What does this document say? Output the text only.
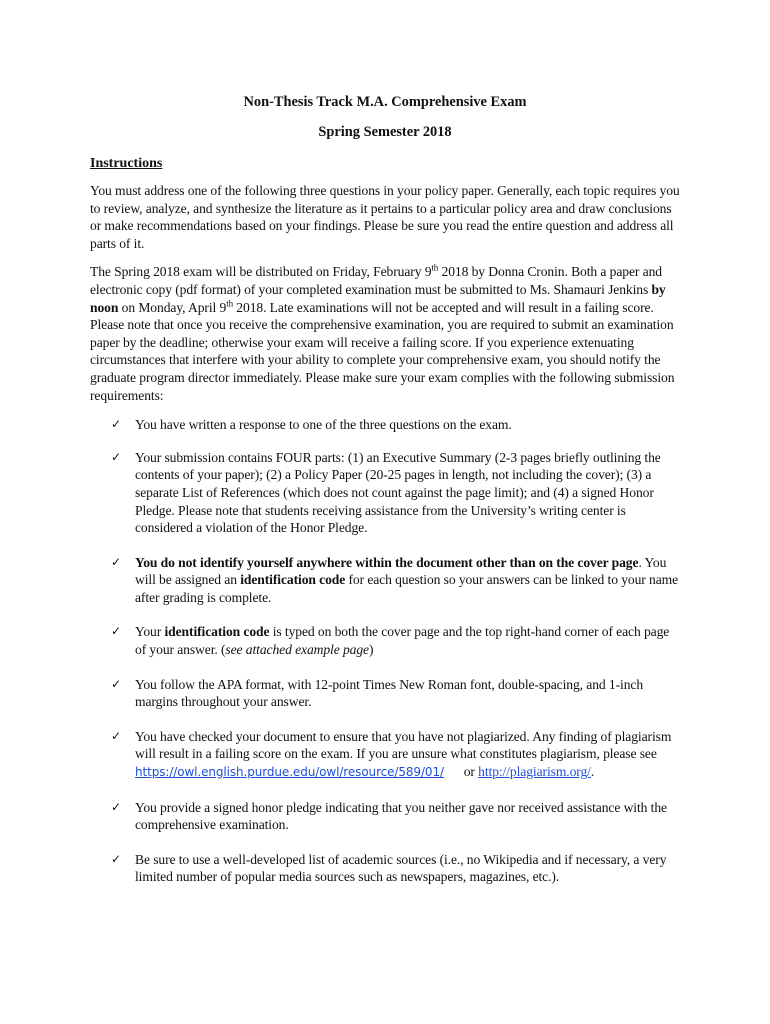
Non-Thesis Track M.A. Comprehensive Exam

Spring Semester 2018

Instructions

You must address one of the following three questions in your policy paper. Generally, each topic requires you to review, analyze, and synthesize the literature as it pertains to a particular policy area and draw conclusions or make recommendations based on your findings. Please be sure you read the entire question and address all parts of it.

The Spring 2018 exam will be distributed on Friday, February 9th 2018 by Donna Cronin. Both a paper and electronic copy (pdf format) of your completed examination must be submitted to Ms. Shamauri Jenkins by noon on Monday, April 9th 2018. Late examinations will not be accepted and will result in a failing score. Please note that once you receive the comprehensive examination, you are required to submit an examination paper by the deadline; otherwise your exam will receive a failing score. If you experience extenuating circumstances that interfere with your ability to complete your comprehensive exam, you should notify the graduate program director immediately. Please make sure your exam complies with the following submission requirements:

✓ You have written a response to one of the three questions on the exam.
✓ Your submission contains FOUR parts: (1) an Executive Summary (2-3 pages briefly outlining the contents of your paper); (2) a Policy Paper (20-25 pages in length, not including the cover); (3) a separate List of References (which does not count against the page limit); and (4) a signed Honor Pledge. Please note that students receiving assistance from the University’s writing center is considered a violation of the Honor Pledge.
✓ You do not identify yourself anywhere within the document other than on the cover page. You will be assigned an identification code for each question so your answers can be linked to your name after grading is complete.
✓ Your identification code is typed on both the cover page and the top right-hand corner of each page of your answer. (see attached example page)
✓ You follow the APA format, with 12-point Times New Roman font, double-spacing, and 1-inch margins throughout your answer.
✓ You have checked your document to ensure that you have not plagiarized. Any finding of plagiarism will result in a failing score on the exam. If you are unsure what constitutes plagiarism, please see https://owl.english.purdue.edu/owl/resource/589/01/      or http://plagiarism.org/.
✓ You provide a signed honor pledge indicating that you neither gave nor received assistance with the comprehensive examination.
✓ Be sure to use a well-developed list of academic sources (i.e., no Wikipedia and if necessary, a very limited number of popular media sources such as newspapers, magazines, etc.).
